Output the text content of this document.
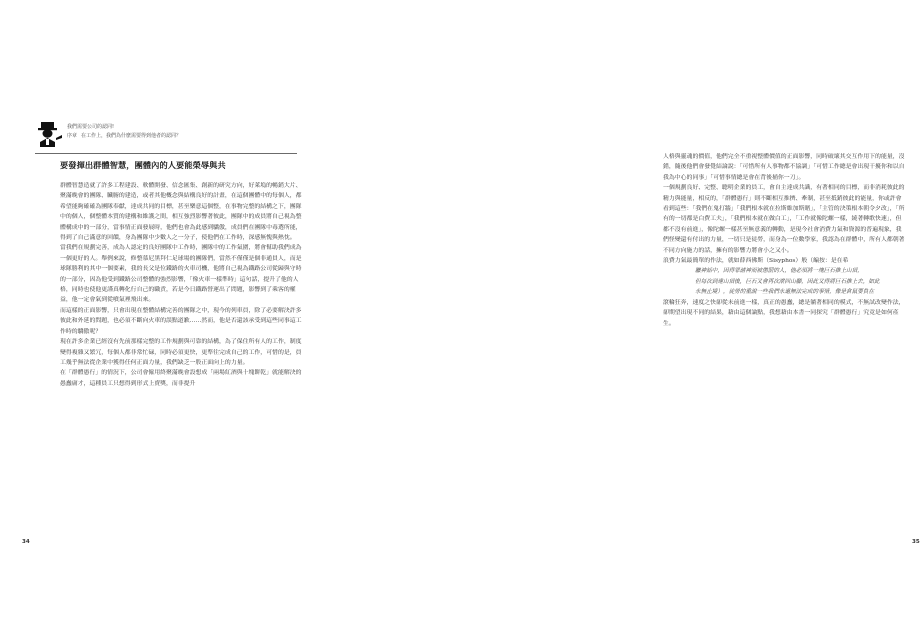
我們需要公司的認同!
序章 在工作上，我們為什麼需要得到他者的認同？
要發揮出群體智慧，團體內的人要能榮辱與共

群體智慧造就了許多工程建設、軟體開發、信念匯集、創新的研究方向，好萊塢的暢銷大片、聚滿晚會的團隊、臟腑的建造，或者其他概念與結構良好的計畫，在這個團體中的每個人，都希望能夠確確為團隊奉獻，達成共同的目標，甚至樂意這個整，在事物完整的結構之下，團隊中的個人，個整體本質的建構和維護之間，相互強烈影響著彼此，團隊中的成員將自己視為整體構成中的一部分，當事情正面發展時，他們也會為此感到驕傲，成員們在團隊中毒選所能，得到了自己滿意的回饋，身為團隊中少數人之一分子，使他們在工作時，深感無愧與熱忱。

當我們在規劃完善，成為人認定的良好團隊中工作時，團隊中的工作氣圍，將會幫助我們成為一個更好的人。舉例來說，修整慕尼黑拜仁足球場的團隊們，當然不僅僅是個非通員人，而是球隊勝利的其中一個要素，我的長父是位鐵路的火車司機，他將自己視為鐵路公司從歸與守時的一部分，因為他受到鐵路公司整體的強烈影響，「像火車一樣準時」這句話，提升了他的人格，同時也使他更謹真轉化行自己的職責，若是今日鐵路營運出了問題，影響到了乘客的權益，他一定會氣到從噴氣裡飛出來。

而這樣的正面影響，只會出現在整體結構完善的團隊之中，現今的列車員，除了必要解決許多彼此和外延的問題，也必須不斷向火車的誤點道歉……然而，他是否還該承受到這些同事這工作時的驕傲呢？

現在許多企業已經沒有先前那樣完整的工作規劃與可靠的結構，為了保住所有人的工作，制度變得複雜又繁冗，每個人都非常忙碌，同時必須更快，更準往完成自己的工作，可惜的是，員工幾乎無法從企業中獲得任何正面力量，我們缺乏一股正面向上的力量。

在「群體愚行」的情況下，公司會僱用終聚滿晚會設想成「兩場紅酒與十塊餅乾」就能解決的愚蠢庸才，這種員工只想得到形式上賣獎，而非提升

34

人格與靈魂的價值，他們完全不重視整體價值的正面影響，同時破壞其交互作用下的能量，沒錯，隨後他們會發覺結論說：「可惜所有人事物都不協調」「可惜工作總是會出現干擾你和以自我為中心的同事」「可惜事情總是會在背後捅你一刀」。

一個規劃良好、完整、聰明企業的員工，會自主達成共識，有著相同的目標，而非消耗彼此的精力與能量，相反的，「群體愚行」則不斷相互推擠、牽制，甚至抵銷彼此的能量，你或許會看到這些：「我們在鬼打牆」「我們根本就在拉斯維加斯賭」，「主管的決策根本朝令夕改」，「所有的一切都是白費工夫」，「我們根本就在做白工」，「工作就像陀螺一樣，繞著轉歌快速」，但都不沒有前進」，像陀螺一樣甚至無意義的轉動，是現今社會消費力氣和資源的普遍現象，我們怪變還有付出的力量，一切只是徒勞，而身為一位數學家，我認為在群體中，所有人都朝著不同方向施力的話，擁有的影響力將會小之又小。

浪費力氣最簡單的作法，就如薛西佛斯（Sisyphos）般（編按：是在希

臘神話中，因得罪諸神而被懲罰的人，他必須將一塊巨石推上山頂，

但每次到達山頂後，巨石又會再次滾回山腳，因此又得將巨石推上去，如此

永無止境），徒勞的重說一些我們永遠無法完成的事情，像是倉鼠要負在

滾輪狂奔，速度之快卻從未前進一樣，真正的愚蠢，總是躺著相同的模式，不無試改變作法，卻期望出現不同的結果，藉由這個論點，我想藉由本書一同探究「群體愚行」究竟是如何產生。

35
